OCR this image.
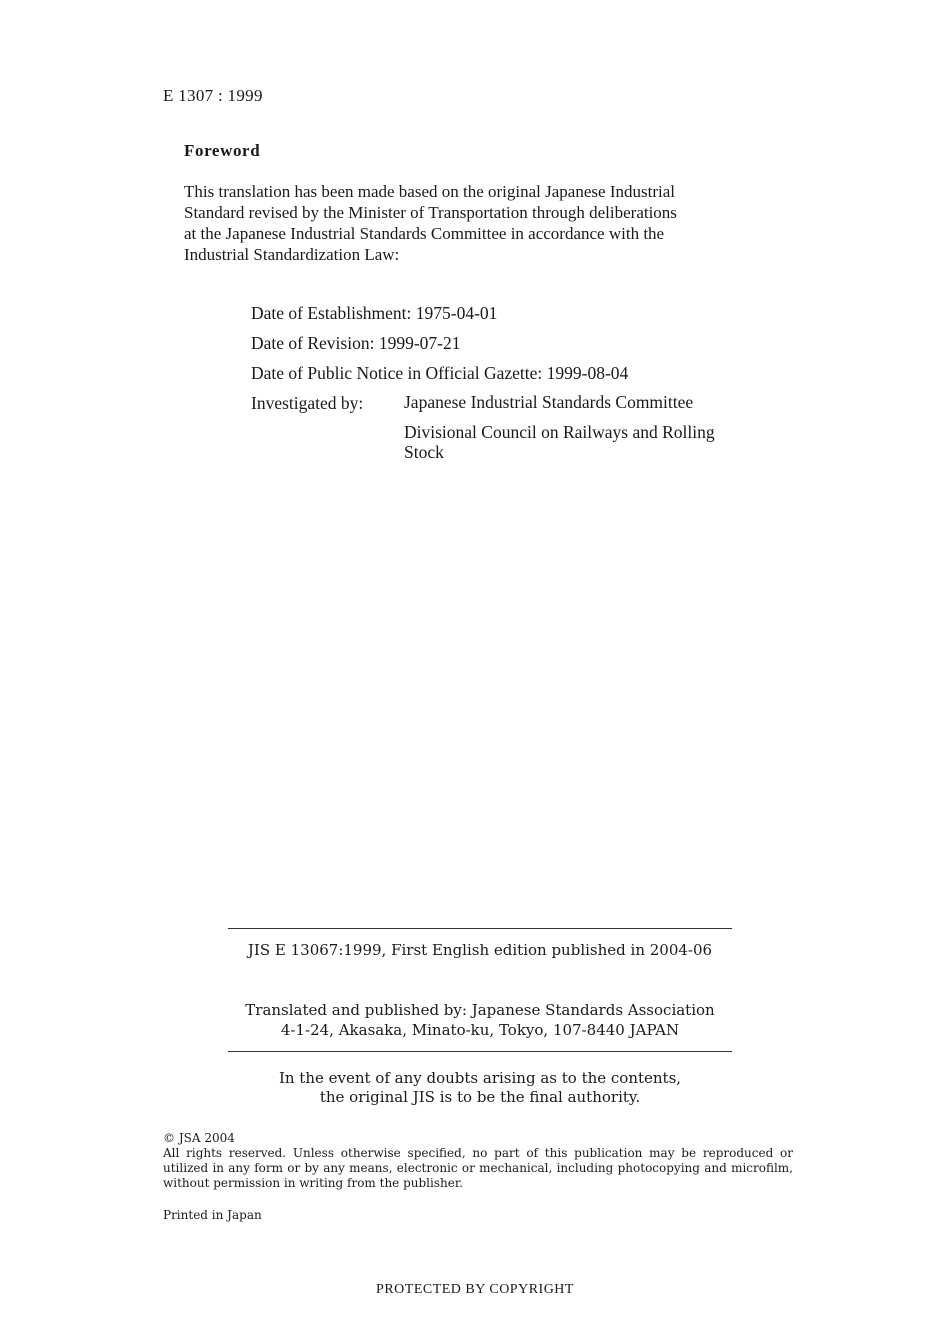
E 1307 : 1999
Foreword

This translation has been made based on the original Japanese Industrial

Standard revised by the Minister of Transportation through deliberations

at the Japanese Industrial Standards Committee in accordance with the

Industrial Standardization Law:

Date of Establishment: 1975-04-01
Date of Revision: 1999-07-21
Date of Public Notice in Official Gazette: 1999-08-04
Investigated by: Japanese Industrial Standards Committee
Divisional Council on Railways and Rolling
Stock
JIS E 13067:1999, First English edition published in 2004-06
Translated and published by: Japanese Standards Association
4-1-24, Akasaka, Minato-ku, Tokyo, 107-8440 JAPAN
In the event of any doubts arising as to the contents,
the original JIS is to be the final authority.
© JSA 2004
All rights reserved. Unless otherwise specified, no part of this publication may be reproduced or utilized in any form or by any means, electronic or mechanical, including photocopying and microfilm, without permission in writing from the publisher.
Printed in Japan
PROTECTED BY COPYRIGHT
